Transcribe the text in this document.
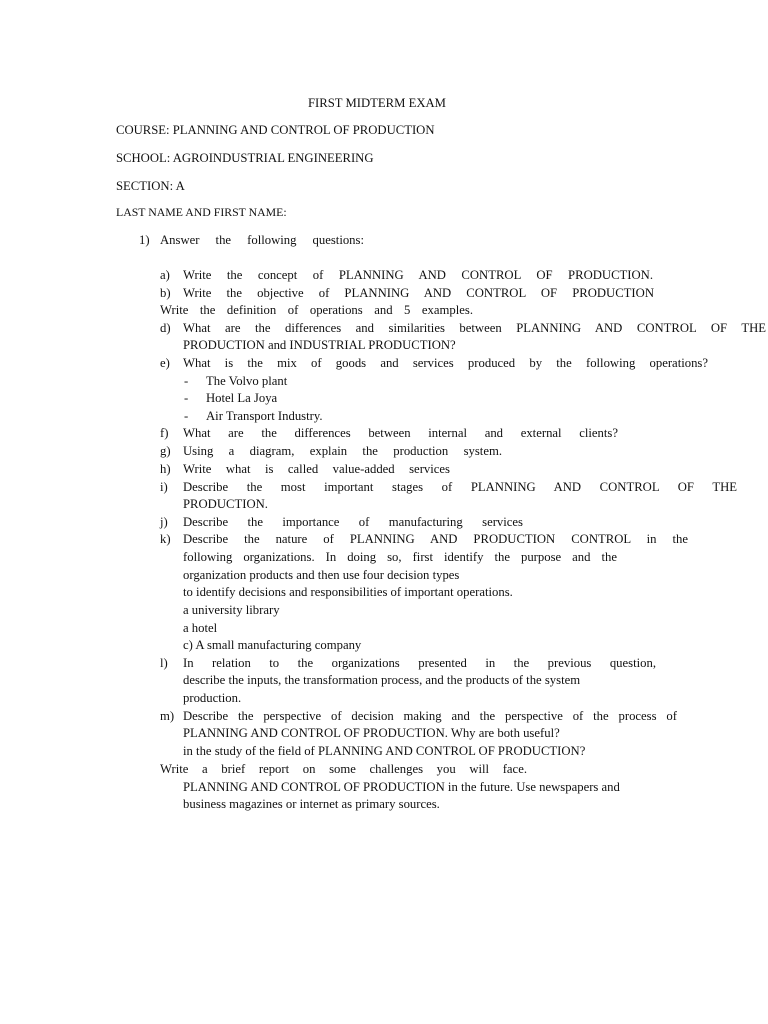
FIRST MIDTERM EXAM
COURSE: PLANNING AND CONTROL OF PRODUCTION
SCHOOL: AGROINDUSTRIAL ENGINEERING
SECTION: A
LAST NAME AND FIRST NAME:
1) Answer the following questions:
a) Write the concept of PLANNING AND CONTROL OF PRODUCTION.
b) Write the objective of PLANNING AND CONTROL OF PRODUCTION
Write the definition of operations and 5 examples.
d) What are the differences and similarities between PLANNING AND CONTROL OF THE
PRODUCTION and INDUSTRIAL PRODUCTION?
e) What is the mix of goods and services produced by the following operations?
- The Volvo plant
- Hotel La Joya
- Air Transport Industry.
f) What are the differences between internal and external clients?
g) Using a diagram, explain the production system.
h) Write what is called value-added services
i) Describe the most important stages of PLANNING AND CONTROL OF THE
PRODUCTION.
j) Describe the importance of manufacturing services
k) Describe the nature of PLANNING AND PRODUCTION CONTROL in the
following organizations. In doing so, first identify the purpose and the
organization products and then use four decision types
to identify decisions and responsibilities of important operations.
a university library
a hotel
c) A small manufacturing company
l) In relation to the organizations presented in the previous question,
describe the inputs, the transformation process, and the products of the system
production.
m) Describe the perspective of decision making and the perspective of the process of
PLANNING AND CONTROL OF PRODUCTION. Why are both useful?
in the study of the field of PLANNING AND CONTROL OF PRODUCTION?
Write a brief report on some challenges you will face.
PLANNING AND CONTROL OF PRODUCTION in the future. Use newspapers and
business magazines or internet as primary sources.
